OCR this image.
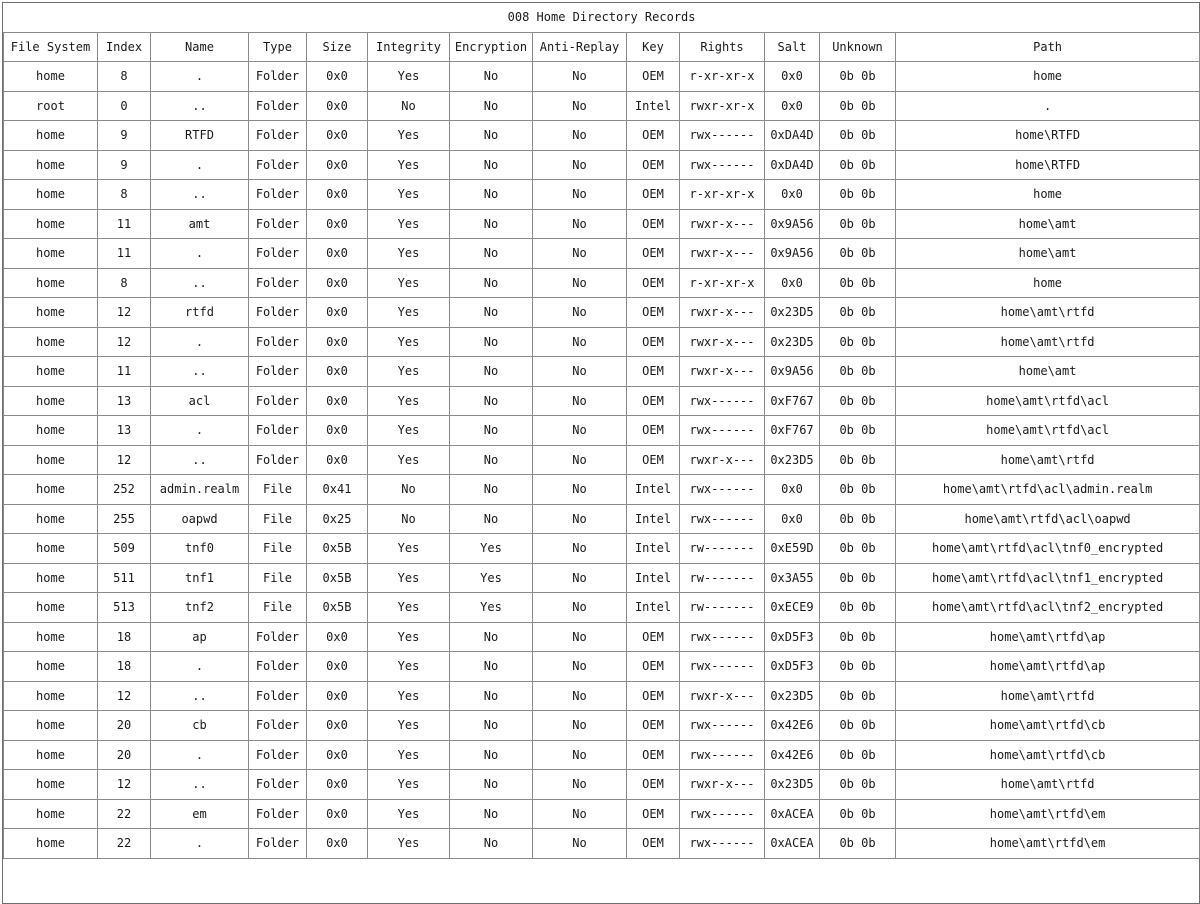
008 Home Directory Records												
File System	Index	Name	Type	Size	Integrity	Encryption	Anti-Replay	Key	Rights	Salt	Unknown	Path
home	8	.	Folder	0x0	Yes	No	No	OEM	r-xr-xr-x	0x0	0b 0b	home
root	0	..	Folder	0x0	No	No	No	Intel	rwxr-xr-x	0x0	0b 0b	.
home	9	RTFD	Folder	0x0	Yes	No	No	OEM	rwx------	0xDA4D	0b 0b	home\RTFD
home	9	.	Folder	0x0	Yes	No	No	OEM	rwx------	0xDA4D	0b 0b	home\RTFD
home	8	..	Folder	0x0	Yes	No	No	OEM	r-xr-xr-x	0x0	0b 0b	home
home	11	amt	Folder	0x0	Yes	No	No	OEM	rwxr-x---	0x9A56	0b 0b	home\amt
home	11	.	Folder	0x0	Yes	No	No	OEM	rwxr-x---	0x9A56	0b 0b	home\amt
home	8	..	Folder	0x0	Yes	No	No	OEM	r-xr-xr-x	0x0	0b 0b	home
home	12	rtfd	Folder	0x0	Yes	No	No	OEM	rwxr-x---	0x23D5	0b 0b	home\amt\rtfd
home	12	.	Folder	0x0	Yes	No	No	OEM	rwxr-x---	0x23D5	0b 0b	home\amt\rtfd
home	11	..	Folder	0x0	Yes	No	No	OEM	rwxr-x---	0x9A56	0b 0b	home\amt
home	13	acl	Folder	0x0	Yes	No	No	OEM	rwx------	0xF767	0b 0b	home\amt\rtfd\acl
home	13	.	Folder	0x0	Yes	No	No	OEM	rwx------	0xF767	0b 0b	home\amt\rtfd\acl
home	12	..	Folder	0x0	Yes	No	No	OEM	rwxr-x---	0x23D5	0b 0b	home\amt\rtfd
home	252	admin.realm	File	0x41	No	No	No	Intel	rwx------	0x0	0b 0b	home\amt\rtfd\acl\admin.realm
home	255	oapwd	File	0x25	No	No	No	Intel	rwx------	0x0	0b 0b	home\amt\rtfd\acl\oapwd
home	509	tnf0	File	0x5B	Yes	Yes	No	Intel	rw-------	0xE59D	0b 0b	home\amt\rtfd\acl\tnf0_encrypted
home	511	tnf1	File	0x5B	Yes	Yes	No	Intel	rw-------	0x3A55	0b 0b	home\amt\rtfd\acl\tnf1_encrypted
home	513	tnf2	File	0x5B	Yes	Yes	No	Intel	rw-------	0xECE9	0b 0b	home\amt\rtfd\acl\tnf2_encrypted
home	18	ap	Folder	0x0	Yes	No	No	OEM	rwx------	0xD5F3	0b 0b	home\amt\rtfd\ap
home	18	.	Folder	0x0	Yes	No	No	OEM	rwx------	0xD5F3	0b 0b	home\amt\rtfd\ap
home	12	..	Folder	0x0	Yes	No	No	OEM	rwxr-x---	0x23D5	0b 0b	home\amt\rtfd
home	20	cb	Folder	0x0	Yes	No	No	OEM	rwx------	0x42E6	0b 0b	home\amt\rtfd\cb
home	20	.	Folder	0x0	Yes	No	No	OEM	rwx------	0x42E6	0b 0b	home\amt\rtfd\cb
home	12	..	Folder	0x0	Yes	No	No	OEM	rwxr-x---	0x23D5	0b 0b	home\amt\rtfd
home	22	em	Folder	0x0	Yes	No	No	OEM	rwx------	0xACEA	0b 0b	home\amt\rtfd\em
home	22	.	Folder	0x0	Yes	No	No	OEM	rwx------	0xACEA	0b 0b	home\amt\rtfd\em
